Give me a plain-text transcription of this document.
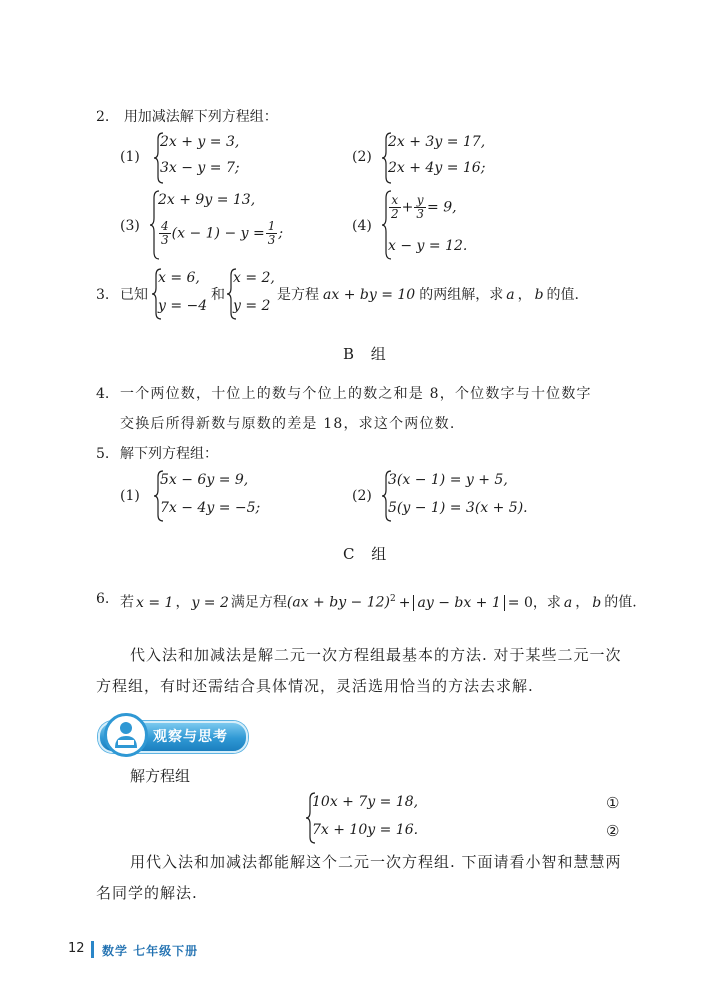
2. 用加减法解下列方程组：
(1)
2x + y = 3,
3x − y = 7;
(2)
2x + 3y = 17,
2x + 4y = 16;
(3)
2x + 9y = 13,
$\frac{4}{3} (x - 1) - y = \frac{1}{3}$ ;	(4)
$\frac{x}{2} + \frac{y}{3} = 9$,
x − y = 12.
3. 已知
x = 6,
y = −4
和
x = 2,
y = 2
是方程 ax + by = 10 的两组解，求 a ， b 的值.
B 组
4. 一个两位数，十位上的数与个位上的数之和是 8，个位数字与十位数字
交换后所得新数与原数的差是 18，求这个两位数.
5. 解下列方程组：
(1)
5x − 6y = 9,
7x − 4y = −5;
(2)
3(x − 1) = y + 5,
5(y − 1) = 3(x + 5).
C 组
6. 若 x = 1 ， y = 2 满足方程(ax + by − 12)$^2$ + ay − bx + 1 = 0，求 a ， b 的值.
代入法和加减法是解二元一次方程组最基本的方法. 对于某些二元一次
方程组，有时还需结合具体情况，灵活选用恰当的方法去求解.
观察与思考
解方程组
10x + 7y = 18,
7x + 10y = 16.
①
②
用代入法和加减法都能解这个二元一次方程组. 下面请看小智和慧慧两
名同学的解法.
12 数学 七年级下册
